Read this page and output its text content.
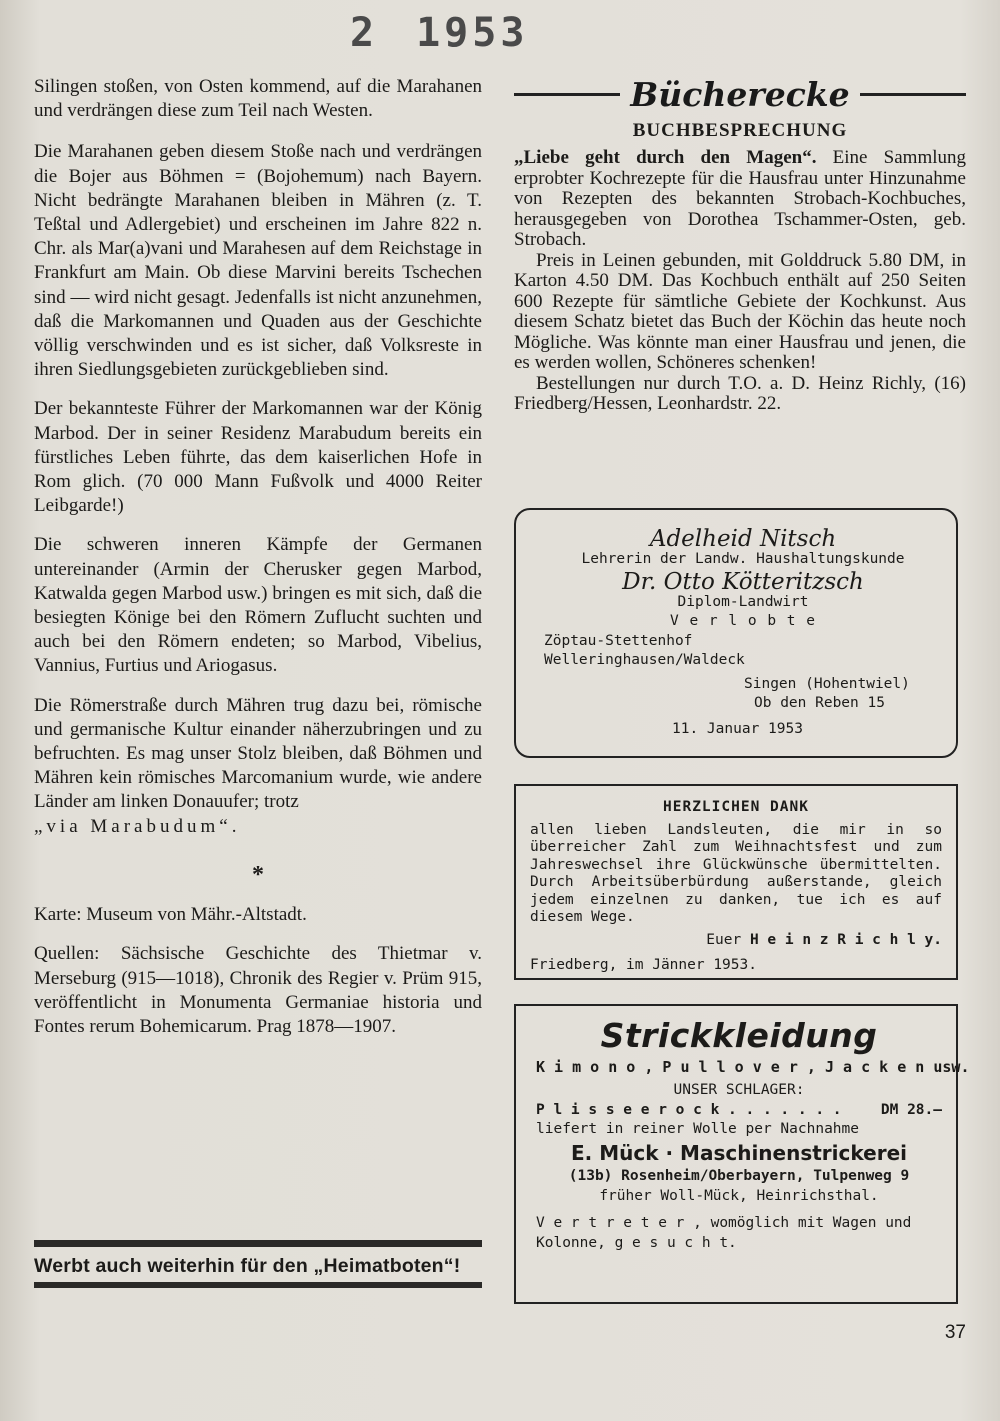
2 1953

Silingen stoßen, von Osten kommend, auf die Marahanen und verdrängen diese zum Teil nach Westen.

Die Marahanen geben diesem Stoße nach und verdrängen die Bojer aus Böhmen = (Bojohemum) nach Bayern. Nicht bedrängte Marahanen bleiben in Mähren (z. T. Teßtal und Adlergebiet) und erscheinen im Jahre 822 n. Chr. als Mar(a)vani und Marahesen auf dem Reichstage in Frankfurt am Main. Ob diese Marvini bereits Tschechen sind — wird nicht gesagt. Jedenfalls ist nicht anzunehmen, daß die Markomannen und Quaden aus der Geschichte völlig verschwinden und es ist sicher, daß Volksreste in ihren Siedlungsgebieten zurückgeblieben sind.

Der bekannteste Führer der Markomannen war der König Marbod. Der in seiner Residenz Marabudum bereits ein fürstliches Leben führte, das dem kaiserlichen Hofe in Rom glich. (70 000 Mann Fußvolk und 4000 Reiter Leibgarde!)

Die schweren inneren Kämpfe der Germanen untereinander (Armin der Cherusker gegen Marbod, Katwalda gegen Marbod usw.) bringen es mit sich, daß die besiegten Könige bei den Römern Zuflucht suchten und auch bei den Römern endeten; so Marbod, Vibelius, Vannius, Furtius und Ariogasus.

Die Römerstraße durch Mähren trug dazu bei, römische und germanische Kultur einander näherzubringen und zu befruchten. Es mag unser Stolz bleiben, daß Böhmen und Mähren kein römisches Marcomanium wurde, wie andere Länder am linken Donauufer; trotz

„via Marabudum“.

*

Karte: Museum von Mähr.-Altstadt.

Quellen: Sächsische Geschichte des Thietmar v. Merseburg (915—1018), Chronik des Regier v. Prüm 915, veröffentlicht in Monumenta Germaniae historia und Fontes rerum Bohemicarum. Prag 1878—1907.

Werbt auch weiterhin für den „Heimatboten“!
Bücherecke
BUCHBESPRECHUNG

„Liebe geht durch den Magen“. Eine Sammlung erprobter Kochrezepte für die Hausfrau unter Hinzunahme von Rezepten des bekannten Strobach-Kochbuches, herausgegeben von Dorothea Tschammer-Osten, geb. Strobach.

Preis in Leinen gebunden, mit Golddruck 5.80 DM, in Karton 4.50 DM. Das Kochbuch enthält auf 250 Seiten 600 Rezepte für sämtliche Gebiete der Kochkunst. Aus diesem Schatz bietet das Buch der Köchin das heute noch Mögliche. Was könnte man einer Hausfrau und jenen, die es werden wollen, Schöneres schenken!

Bestellungen nur durch T.O. a. D. Heinz Richly, (16) Friedberg/Hessen, Leonhardstr. 22.

Adelheid Nitsch
Lehrerin der Landw. Haushaltungskunde
Dr. Otto Kötteritzsch
Diplom-Landwirt
V e r l o b t e
Zöptau-Stettenhof
Welleringhausen/Waldeck
Singen (Hohentwiel)
Ob den Reben 15
11. Januar 1953
HERZLICHEN DANK
allen lieben Landsleuten, die mir in so überreicher Zahl zum Weihnachtsfest und zum Jahreswechsel ihre Glückwünsche übermittelten. Durch Arbeitsüberbürdung außerstande, gleich jedem einzelnen zu danken, tue ich es auf diesem Wege.
Euer H e i n z R i c h l y.
Friedberg, im Jänner 1953.
Strickkleidung
K i m o n o , P u l l o v e r , J a c k e n usw.
UNSER SCHLAGER:
P l i s s e e r o c k . . . . . . .	DM 28.—
liefert in reiner Wolle per Nachnahme
E. Mück · Maschinenstrickerei
(13b) Rosenheim/Oberbayern, Tulpenweg 9
früher Woll-Mück, Heinrichsthal.
V e r t r e t e r , womöglich mit Wagen und Kolonne, g e s u c h t.
37
